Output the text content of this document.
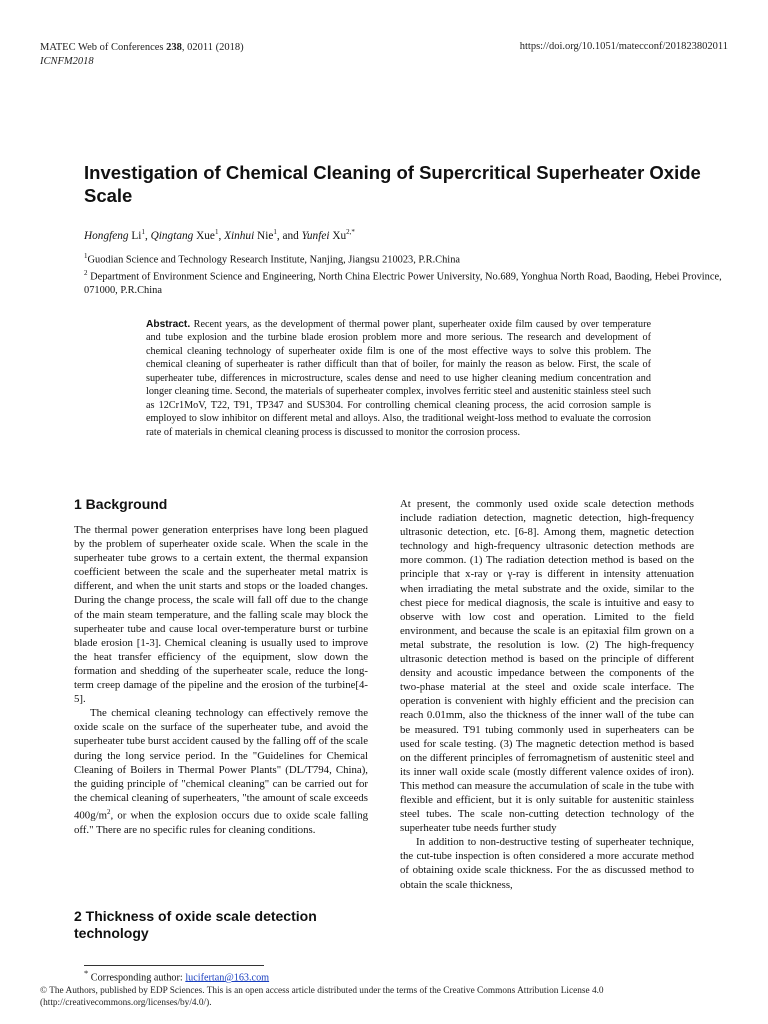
MATEC Web of Conferences 238, 02011 (2018)
ICNFM2018
https://doi.org/10.1051/matecconf/201823802011
Investigation of Chemical Cleaning of Supercritical Superheater Oxide Scale
Hongfeng Li$^1$, Qingtang Xue$^1$, Xinhui Nie$^1$, and Yunfei $Xu^{2,*}$
$^1$Guodian Science and Technology Research Institute, Nanjing, Jiangsu 210023, P.R.China
$^2$ Department of Environment Science and Engineering, North China Electric Power University, No.689, Yonghua North Road, Baoding, Hebei Province, 071000, P.R.China
Abstract. Recent years, as the development of thermal power plant, superheater oxide film caused by over temperature and tube explosion and the turbine blade erosion problem more and more serious. The research and development of chemical cleaning technology of superheater oxide film is one of the most effective ways to solve this problem. The chemical cleaning of superheater is rather difficult than that of boiler, for mainly the reason as below. First, the scale of superheater tube, differences in microstructure, scales dense and need to use higher cleaning medium concentration and longer cleaning time. Second, the materials of superheater complex, involves ferritic steel and austenitic stainless steel such as 12Cr1MoV, T22, T91, TP347 and SUS304. For controlling chemical cleaning process, the acid corrosion sample is employed to slow inhibitor on different metal and alloys. Also, the traditional weight-loss method to evaluate the corrosion rate of materials in chemical cleaning process is discussed to monitor the corrosion process.
1 Background

The thermal power generation enterprises have long been plagued by the problem of superheater oxide scale. When the scale in the superheater tube grows to a certain extent, the thermal expansion coefficient between the scale and the superheater metal matrix is different, and when the unit starts and stops or the loaded changes. During the change process, the scale will fall off due to the change of the main steam temperature, and the falling scale may block the superheater tube and cause local over-temperature burst or turbine blade erosion [1-3]. Chemical cleaning is usually used to improve the heat transfer efficiency of the equipment, slow down the formation and shedding of the superheater scale, reduce the long-term creep damage of the pipeline and the erosion of the turbine[4-5].

The chemical cleaning technology can effectively remove the oxide scale on the surface of the superheater tube, and avoid the superheater tube burst accident caused by the falling off of the scale during the long service period. In the "Guidelines for Chemical Cleaning of Boilers in Thermal Power Plants" (DL/T794, China), the guiding principle of "chemical cleaning" can be carried out for the chemical cleaning of superheaters, "the amount of scale exceeds $400g/m^2$, or when the explosion occurs due to oxide scale falling off." There are no specific rules for cleaning conditions.

2 Thickness of oxide scale detection technology

At present, the commonly used oxide scale detection methods include radiation detection, magnetic detection, high-frequency ultrasonic detection, etc. [6-8]. Among them, magnetic detection technology and high-frequency ultrasonic detection methods are more common. (1) The radiation detection method is based on the principle that x-ray or γ-ray is different in intensity attenuation when irradiating the metal substrate and the oxide, similar to the chest piece for medical diagnosis, the scale is intuitive and easy to observe with low cost and operation. Limited to the field environment, and because the scale is an epitaxial film grown on a metal substrate, the resolution is low. (2) The high-frequency ultrasonic detection method is based on the principle of different density and acoustic impedance between the components of the two-phase material at the steel and oxide scale interface. The operation is convenient with highly efficient and the precision can reach 0.01mm, also the thickness of the inner wall of the tube can be measured. T91 tubing commonly used in superheaters can be used for scale testing. (3) The magnetic detection method is based on the different principles of ferromagnetism of austenitic steel and its inner wall oxide scale (mostly different valence oxides of iron). This method can measure the accumulation of scale in the tube with flexible and efficient, but it is only suitable for austenitic stainless steel tubes. The scale non-cutting detection technology of the superheater tube needs further study

In addition to non-destructive testing of superheater technique, the cut-tube inspection is often considered a more accurate method of obtaining oxide scale thickness. For the as discussed method to obtain the scale thickness,

* Corresponding author: lucifertan@163.com
© The Authors, published by EDP Sciences. This is an open access article distributed under the terms of the Creative Commons Attribution License 4.0 (http://creativecommons.org/licenses/by/4.0/).
